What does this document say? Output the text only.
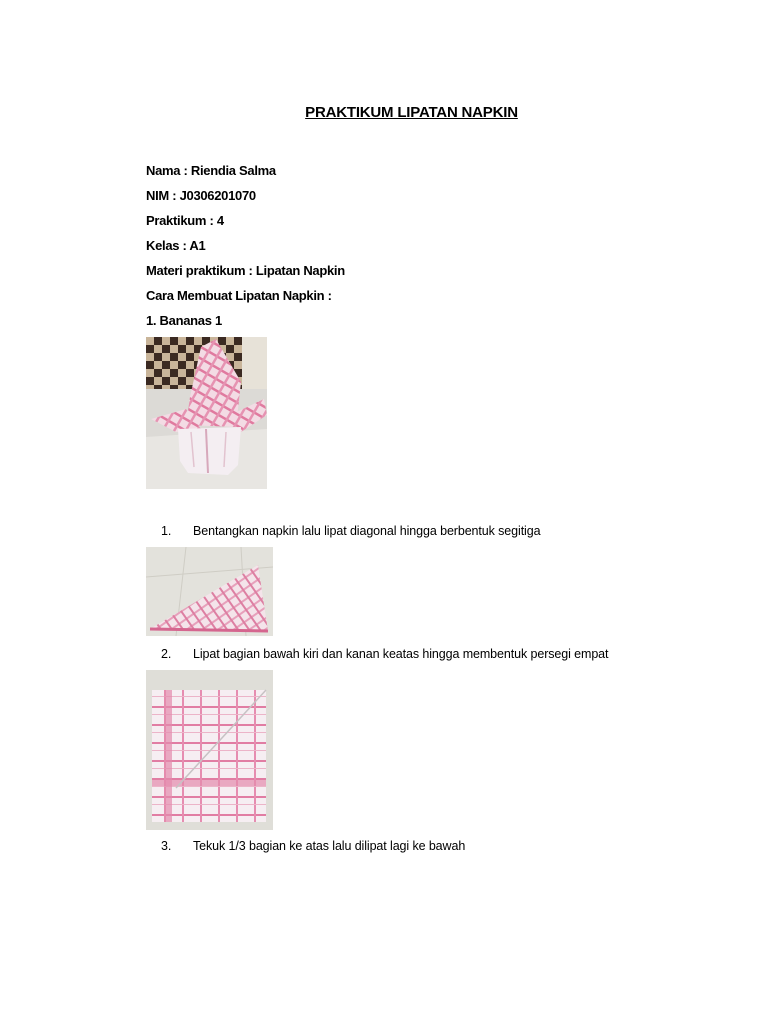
PRAKTIKUM LIPATAN NAPKIN
Nama : Riendia Salma
NIM : J0306201070
Praktikum : 4
Kelas : A1
Materi praktikum : Lipatan Napkin
Cara Membuat Lipatan Napkin :
1. Bananas 1
1. Bentangkan napkin lalu lipat diagonal hingga berbentuk segitiga
2. Lipat bagian bawah kiri dan kanan keatas hingga membentuk persegi empat
3. Tekuk 1/3 bagian ke atas lalu dilipat lagi ke bawah
